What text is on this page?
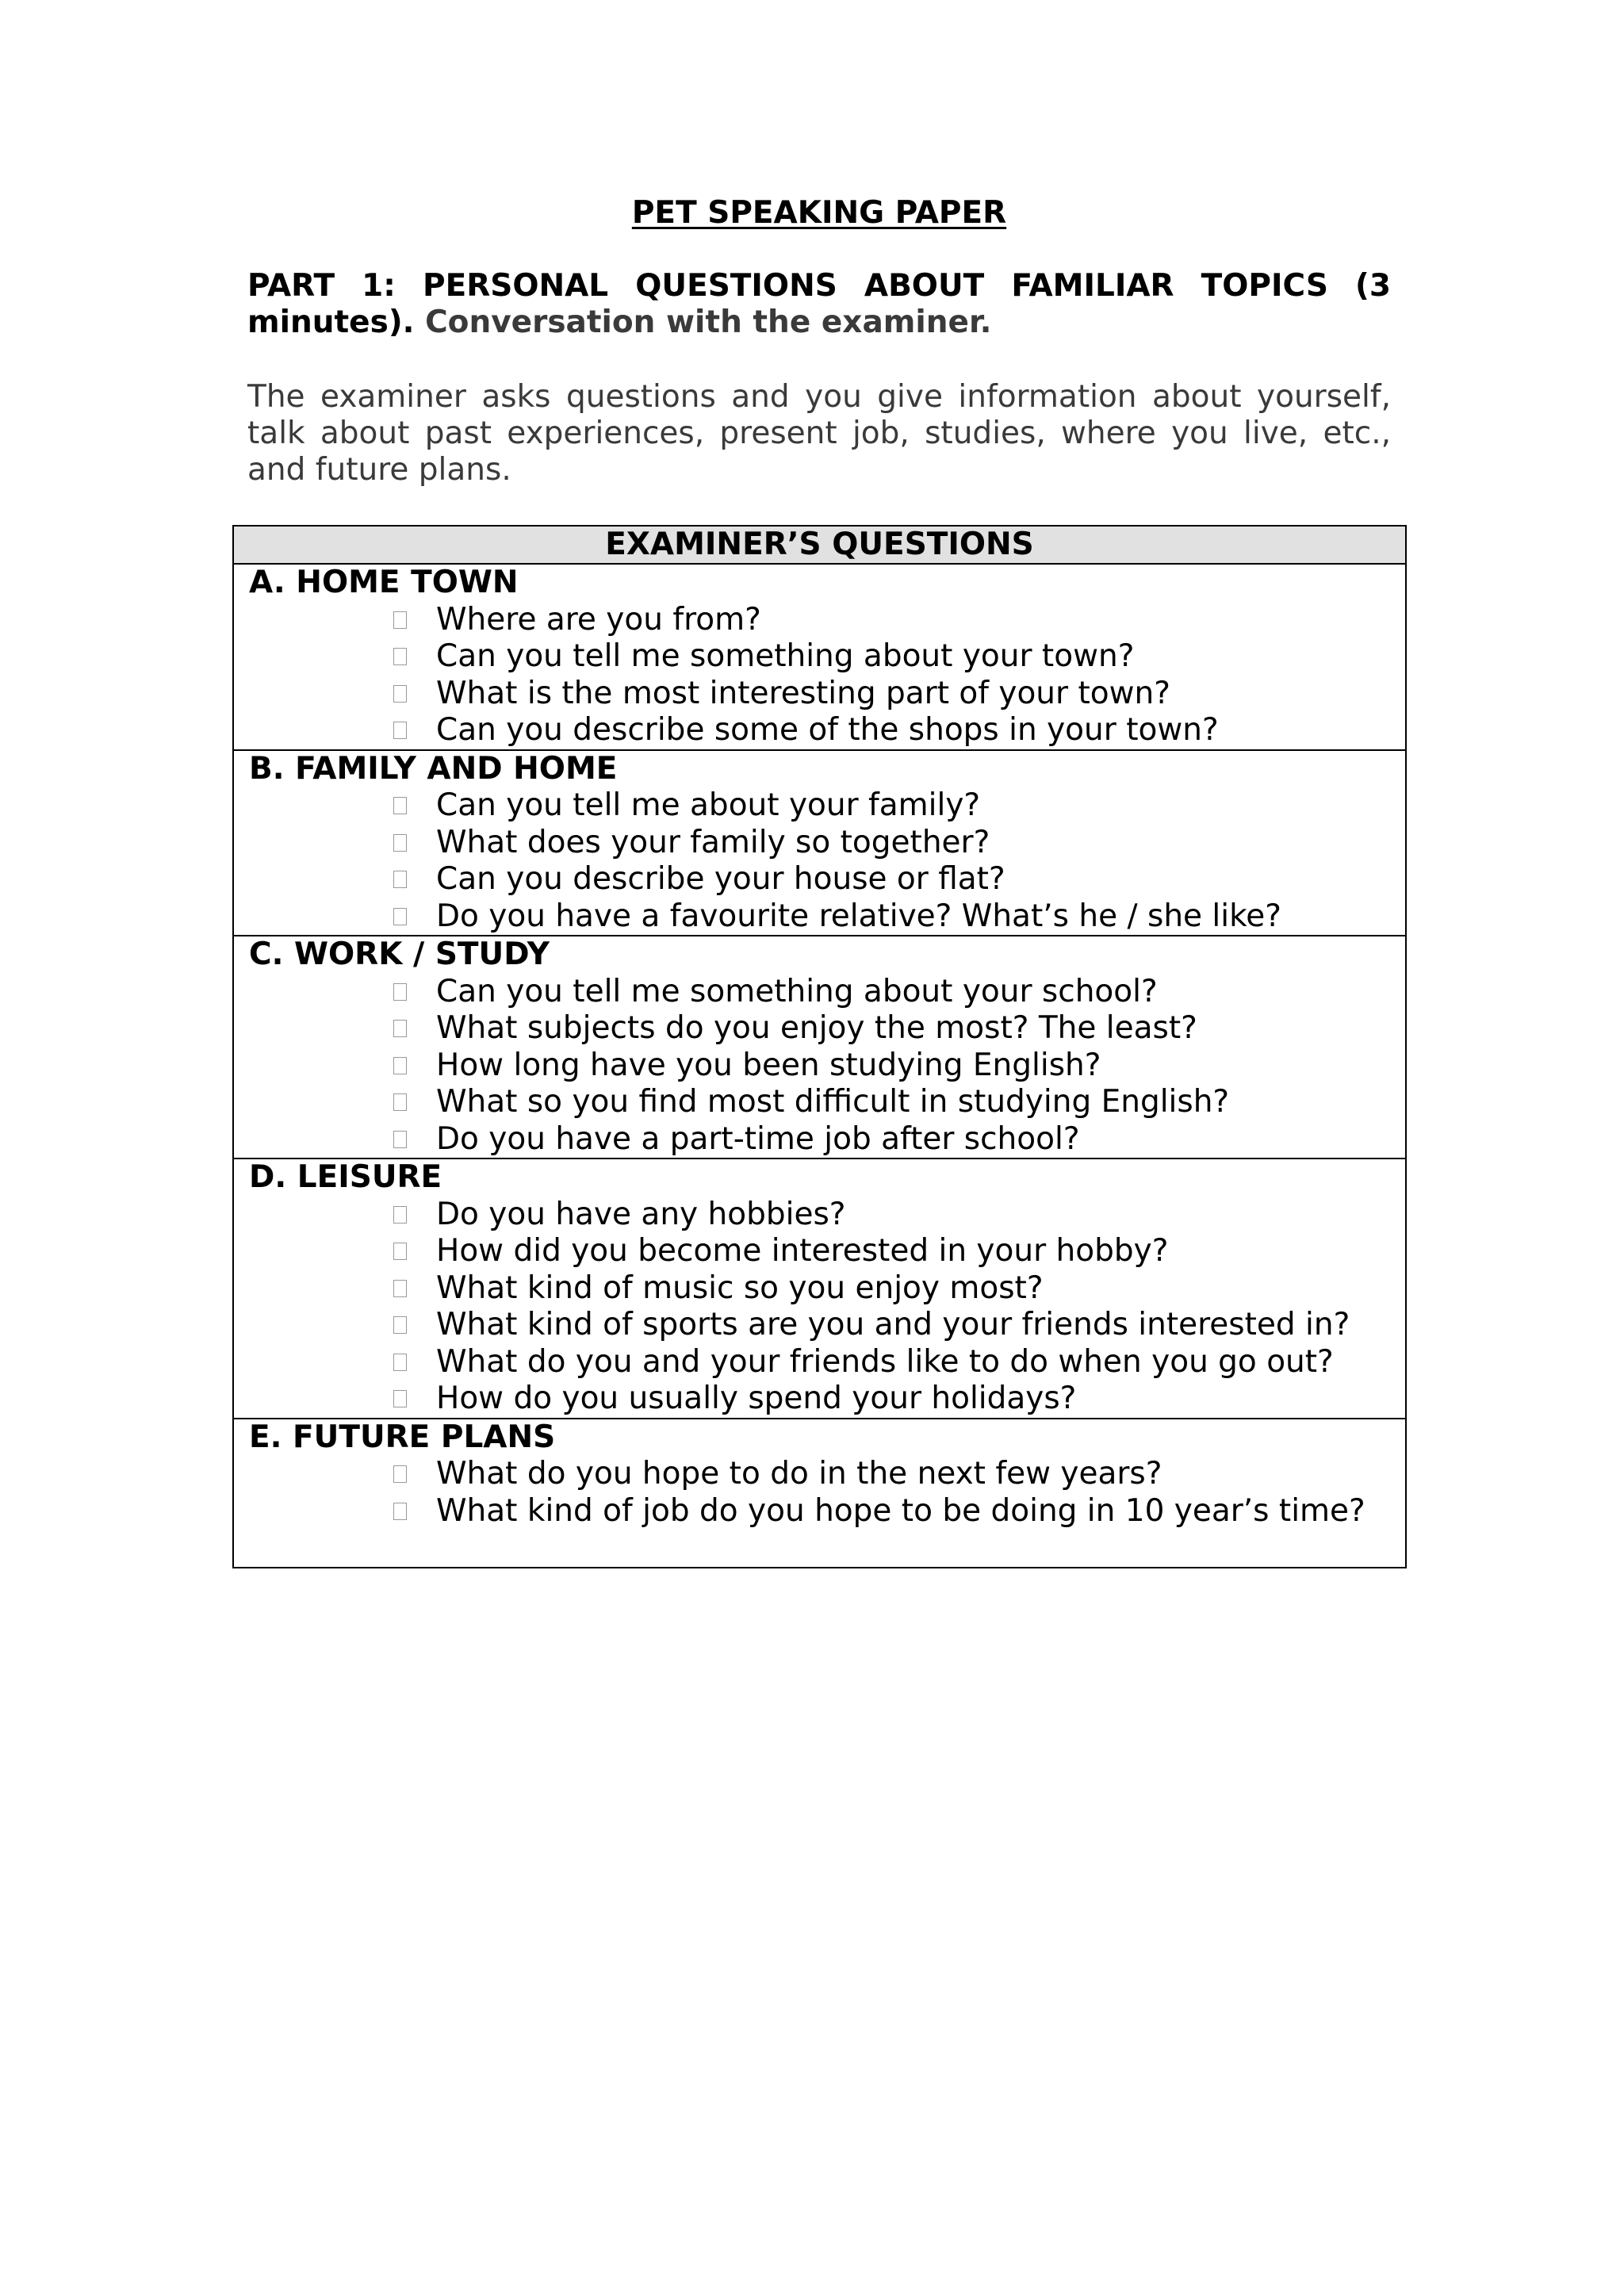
PET SPEAKING PAPER
PART 1: PERSONAL QUESTIONS ABOUT FAMILIAR TOPICS (3 minutes). Conversation with the examiner.
The examiner asks questions and you give information about yourself, talk about past experiences, present job, studies, where you live, etc., and future plans.
EXAMINER’S QUESTIONS
A. HOME TOWN
Where are you from?
Can you tell me something about your town?
What is the most interesting part of your town?
Can you describe some of the shops in your town?
B. FAMILY AND HOME
Can you tell me about your family?
What does your family so together?
Can you describe your house or flat?
Do you have a favourite relative? What’s he / she like?
C. WORK / STUDY
Can you tell me something about your school?
What subjects do you enjoy the most? The least?
How long have you been studying English?
What so you find most difficult in studying English?
Do you have a part-time job after school?
D. LEISURE
Do you have any hobbies?
How did you become interested in your hobby?
What kind of music so you enjoy most?
What kind of sports are you and your friends interested in?
What do you and your friends like to do when you go out?
How do you usually spend your holidays?
E. FUTURE PLANS
What do you hope to do in the next few years?
What kind of job do you hope to be doing in 10 year’s time?
